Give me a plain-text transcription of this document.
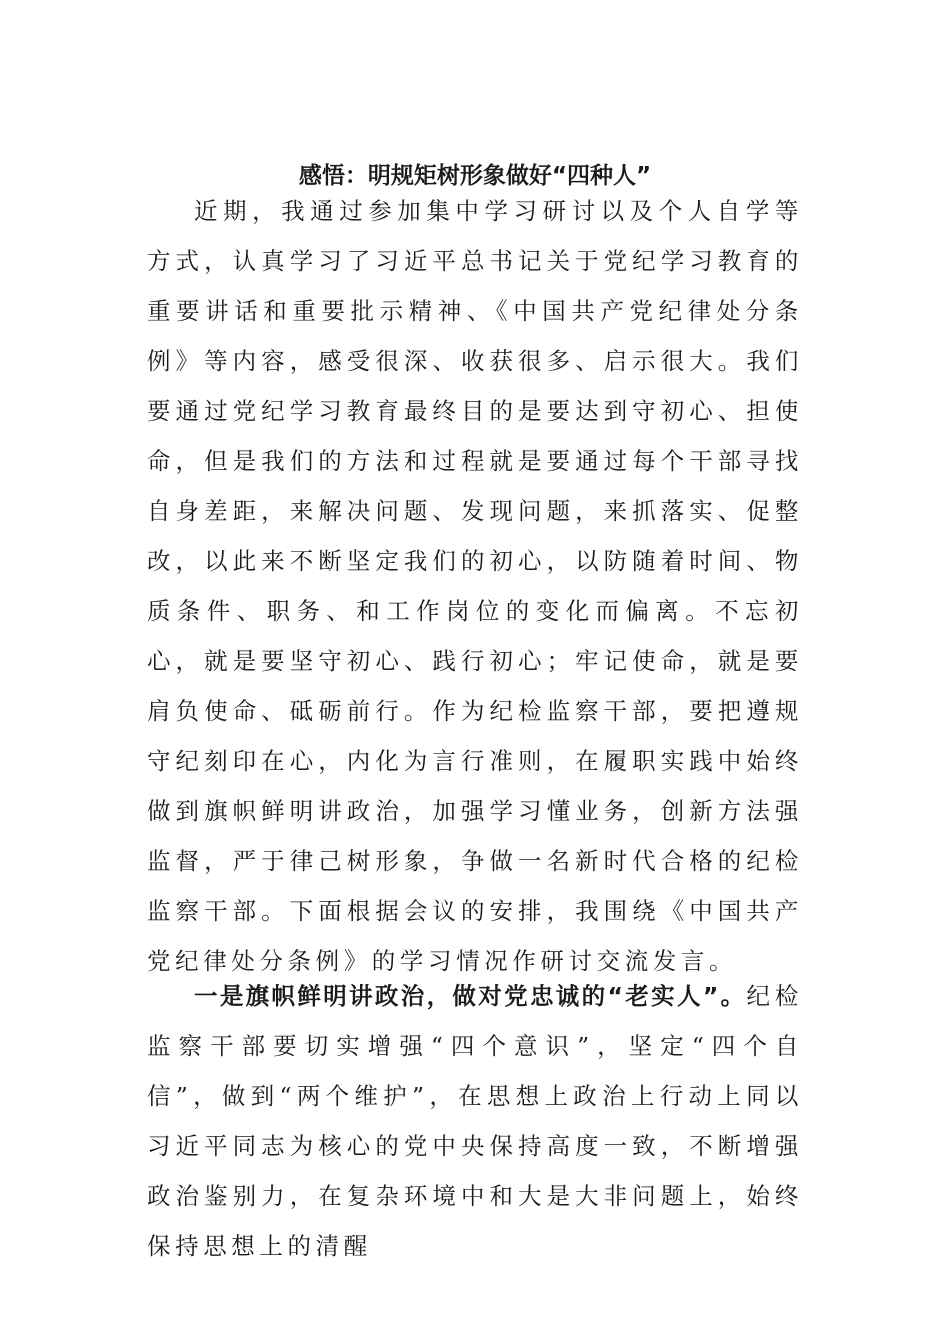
感悟：明规矩树形象做好“四种人”

近期，我通过参加集中学习研讨以及个人自学等方式，认真学习了习近平总书记关于党纪学习教育的重要讲话和重要批示精神、《中国共产党纪律处分条例》等内容，感受很深、收获很多、启示很大。我们要通过党纪学习教育最终目的是要达到守初心、担使命，但是我们的方法和过程就是要通过每个干部寻找自身差距，来解决问题、发现问题，来抓落实、促整改，以此来不断坚定我们的初心，以防随着时间、物质条件、职务、和工作岗位的变化而偏离。不忘初心，就是要坚守初心、践行初心；牢记使命，就是要肩负使命、砥砺前行。作为纪检监察干部，要把遵规守纪刻印在心，内化为言行准则，在履职实践中始终做到旗帜鲜明讲政治，加强学习懂业务，创新方法强监督，严于律己树形象，争做一名新时代合格的纪检监察干部。下面根据会议的安排，我围绕《中国共产党纪律处分条例》的学习情况作研讨交流发言。

一是旗帜鲜明讲政治，做对党忠诚的“老实人”。纪检监察干部要切实增强“四个意识”，坚定“四个自信”，做到“两个维护”，在思想上政治上行动上同以习近平同志为核心的党中央保持高度一致，不断增强政治鉴别力，在复杂环境中和大是大非问题上，始终保持思想上的清醒
